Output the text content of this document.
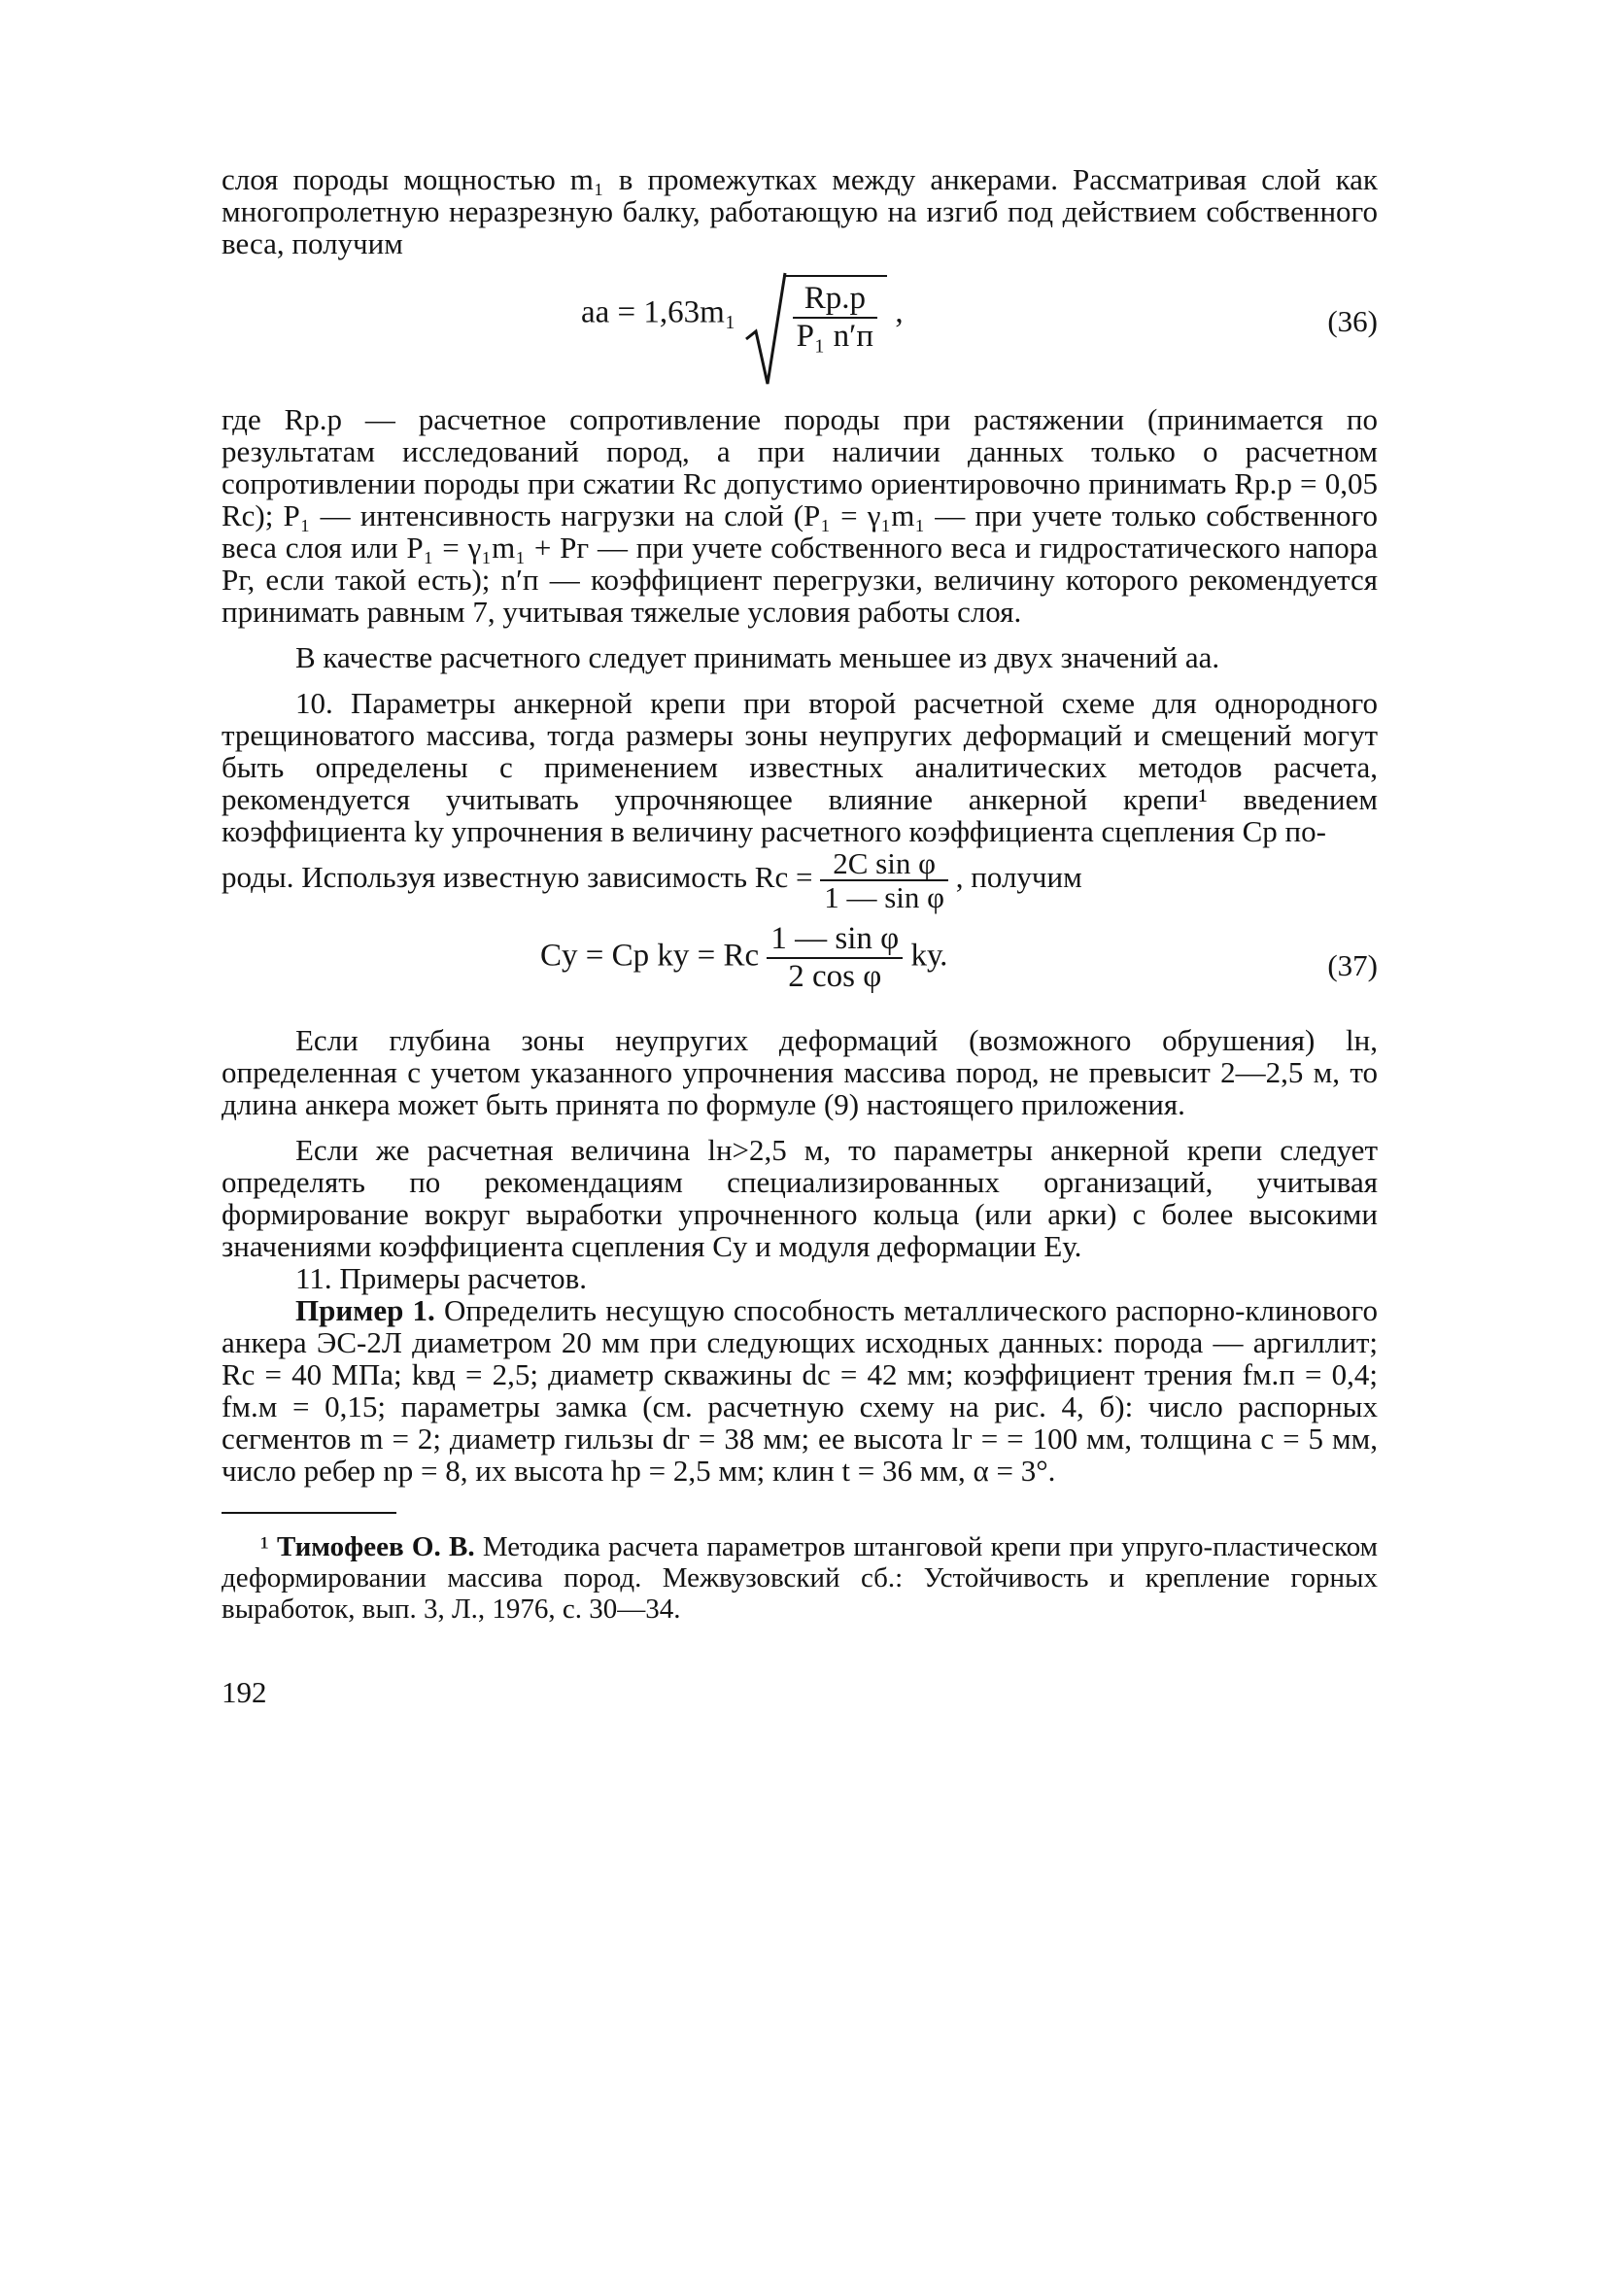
слоя породы мощностью m₁ в промежутках между анкерами. Рассматривая слой как многопролетную неразрезную балку, работающую на изгиб под действием собственного веса, получим

aа = $1,63m_1 \frac{Rр.р}{\text{P₁ n′п}}$ ,	(36)

где Rр.р — расчетное сопротивление породы при растяжении (принимается по результатам исследований пород, а при наличии данных только о расчетном сопротивлении породы при сжатии Rс допустимо ориентировочно принимать Rр.р = 0,05 Rс); P₁ — интенсивность нагрузки на слой (P₁ = γ₁m₁ — при учете только собственного веса слоя или P₁ = γ₁m₁ + Pг — при учете собственного веса и гидростатического напора Pг, если такой есть); n′п — коэффициент перегрузки, величину которого рекомендуется принимать равным 7, учитывая тяжелые условия работы слоя.

В качестве расчетного следует принимать меньшее из двух значений aа.

10. Параметры анкерной крепи при второй расчетной схеме для однородного трещиноватого массива, тогда размеры зоны неупругих деформаций и смещений могут быть определены с применением известных аналитических методов расчета, рекомендуется учитывать упрочняющее влияние анкерной крепи¹ введением коэффициента kу упрочнения в величину расчетного коэффициента сцепления Cр по-

роды. Используя известную зависимость Rс = $\frac{\text{2C sin φ}}{\text{1 — sin φ}}$ , получим
Cу = Cр kу = Rс $\frac{\text{1 — sin φ}}{\text{2 cos φ}}$ kу.	(37)

Если глубина зоны неупругих деформаций (возможного обрушения) lн, определенная с учетом указанного упрочнения массива пород, не превысит 2—2,5 м, то длина анкера может быть принята по формуле (9) настоящего приложения.

Если же расчетная величина lн>2,5 м, то параметры анкерной крепи следует определять по рекомендациям специализированных организаций, учитывая формирование вокруг выработки упрочненного кольца (или арки) с более высокими значениями коэффициента сцепления Cу и модуля деформации Eу.

11. Примеры расчетов.

Пример 1. Определить несущую способность металлического распорно-клинового анкера ЭС-2Л диаметром 20 мм при следующих исходных данных: порода — аргиллит; Rс = 40 МПа; kвд = 2,5; диаметр скважины dс = 42 мм; коэффициент трения fм.п = 0,4; fм.м = 0,15; параметры замка (см. расчетную схему на рис. 4, б): число распорных сегментов m = 2; диаметр гильзы dг = 38 мм; ее высота lг = = 100 мм, толщина c = 5 мм, число ребер nр = 8, их высота hр = 2,5 мм; клин t = 36 мм, α = 3°.

¹ Тимофеев О. В. Методика расчета параметров штанговой крепи при упруго-пластическом деформировании массива пород. Межвузовский сб.: Устойчивость и крепление горных выработок, вып. 3, Л., 1976, с. 30—34.

192
